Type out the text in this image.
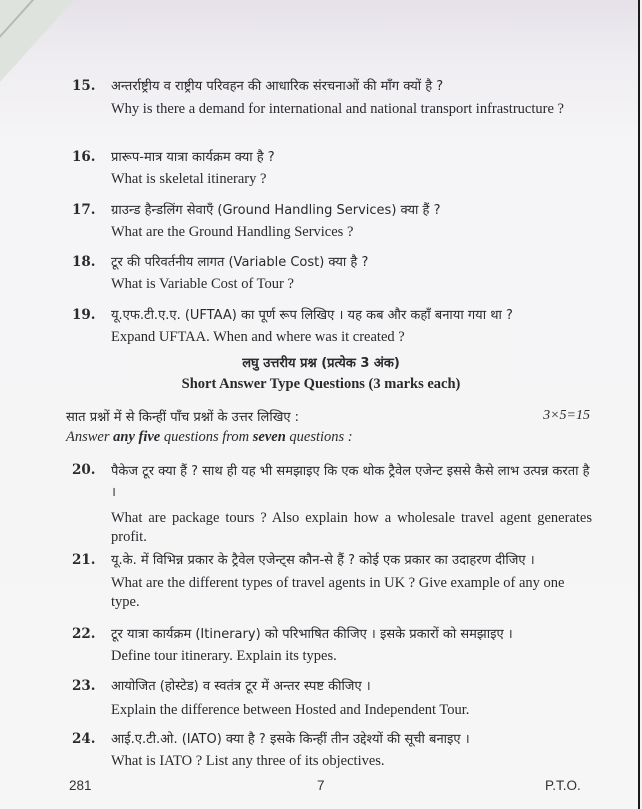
15. अन्तर्राष्ट्रीय व राष्ट्रीय परिवहन की आधारिक संरचनाओं की माँग क्यों है ?
Why is there a demand for international and national transport infrastructure ?
16. प्रारूप-मात्र यात्रा कार्यक्रम क्या है ?
What is skeletal itinerary ?
17. ग्राउन्ड हैन्डलिंग सेवाएँ (Ground Handling Services) क्या हैं ?
What are the Ground Handling Services ?
18. टूर की परिवर्तनीय लागत (Variable Cost) क्या है ?
What is Variable Cost of Tour ?
19. यू.एफ.टी.ए.ए. (UFTAA) का पूर्ण रूप लिखिए । यह कब और कहाँ बनाया गया था ?
Expand UFTAA. When and where was it created ?
लघु उत्तरीय प्रश्न (प्रत्येक 3 अंक)
Short Answer Type Questions (3 marks each)
सात प्रश्नों में से किन्हीं पाँच प्रश्नों के उत्तर लिखिए :	3×5=15
Answer any five questions from seven questions :
20. पैकेज टूर क्या हैं ? साथ ही यह भी समझाइए कि एक थोक ट्रैवेल एजेन्ट इससे कैसे लाभ उत्पन्न करता है ।
What are package tours ? Also explain how a wholesale travel agent generates profit.
21. यू.के. में विभिन्न प्रकार के ट्रैवेल एजेन्ट्स कौन-से हैं ? कोई एक प्रकार का उदाहरण दीजिए ।
What are the different types of travel agents in UK ? Give example of any one type.
22. टूर यात्रा कार्यक्रम (Itinerary) को परिभाषित कीजिए । इसके प्रकारों को समझाइए ।
Define tour itinerary. Explain its types.
23. आयोजित (होस्टेड) व स्वतंत्र टूर में अन्तर स्पष्ट कीजिए ।
Explain the difference between Hosted and Independent Tour.
24. आई.ए.टी.ओ. (IATO) क्या है ? इसके किन्हीं तीन उद्देश्यों की सूची बनाइए ।
What is IATO ? List any three of its objectives.
281	7	P.T.O.
